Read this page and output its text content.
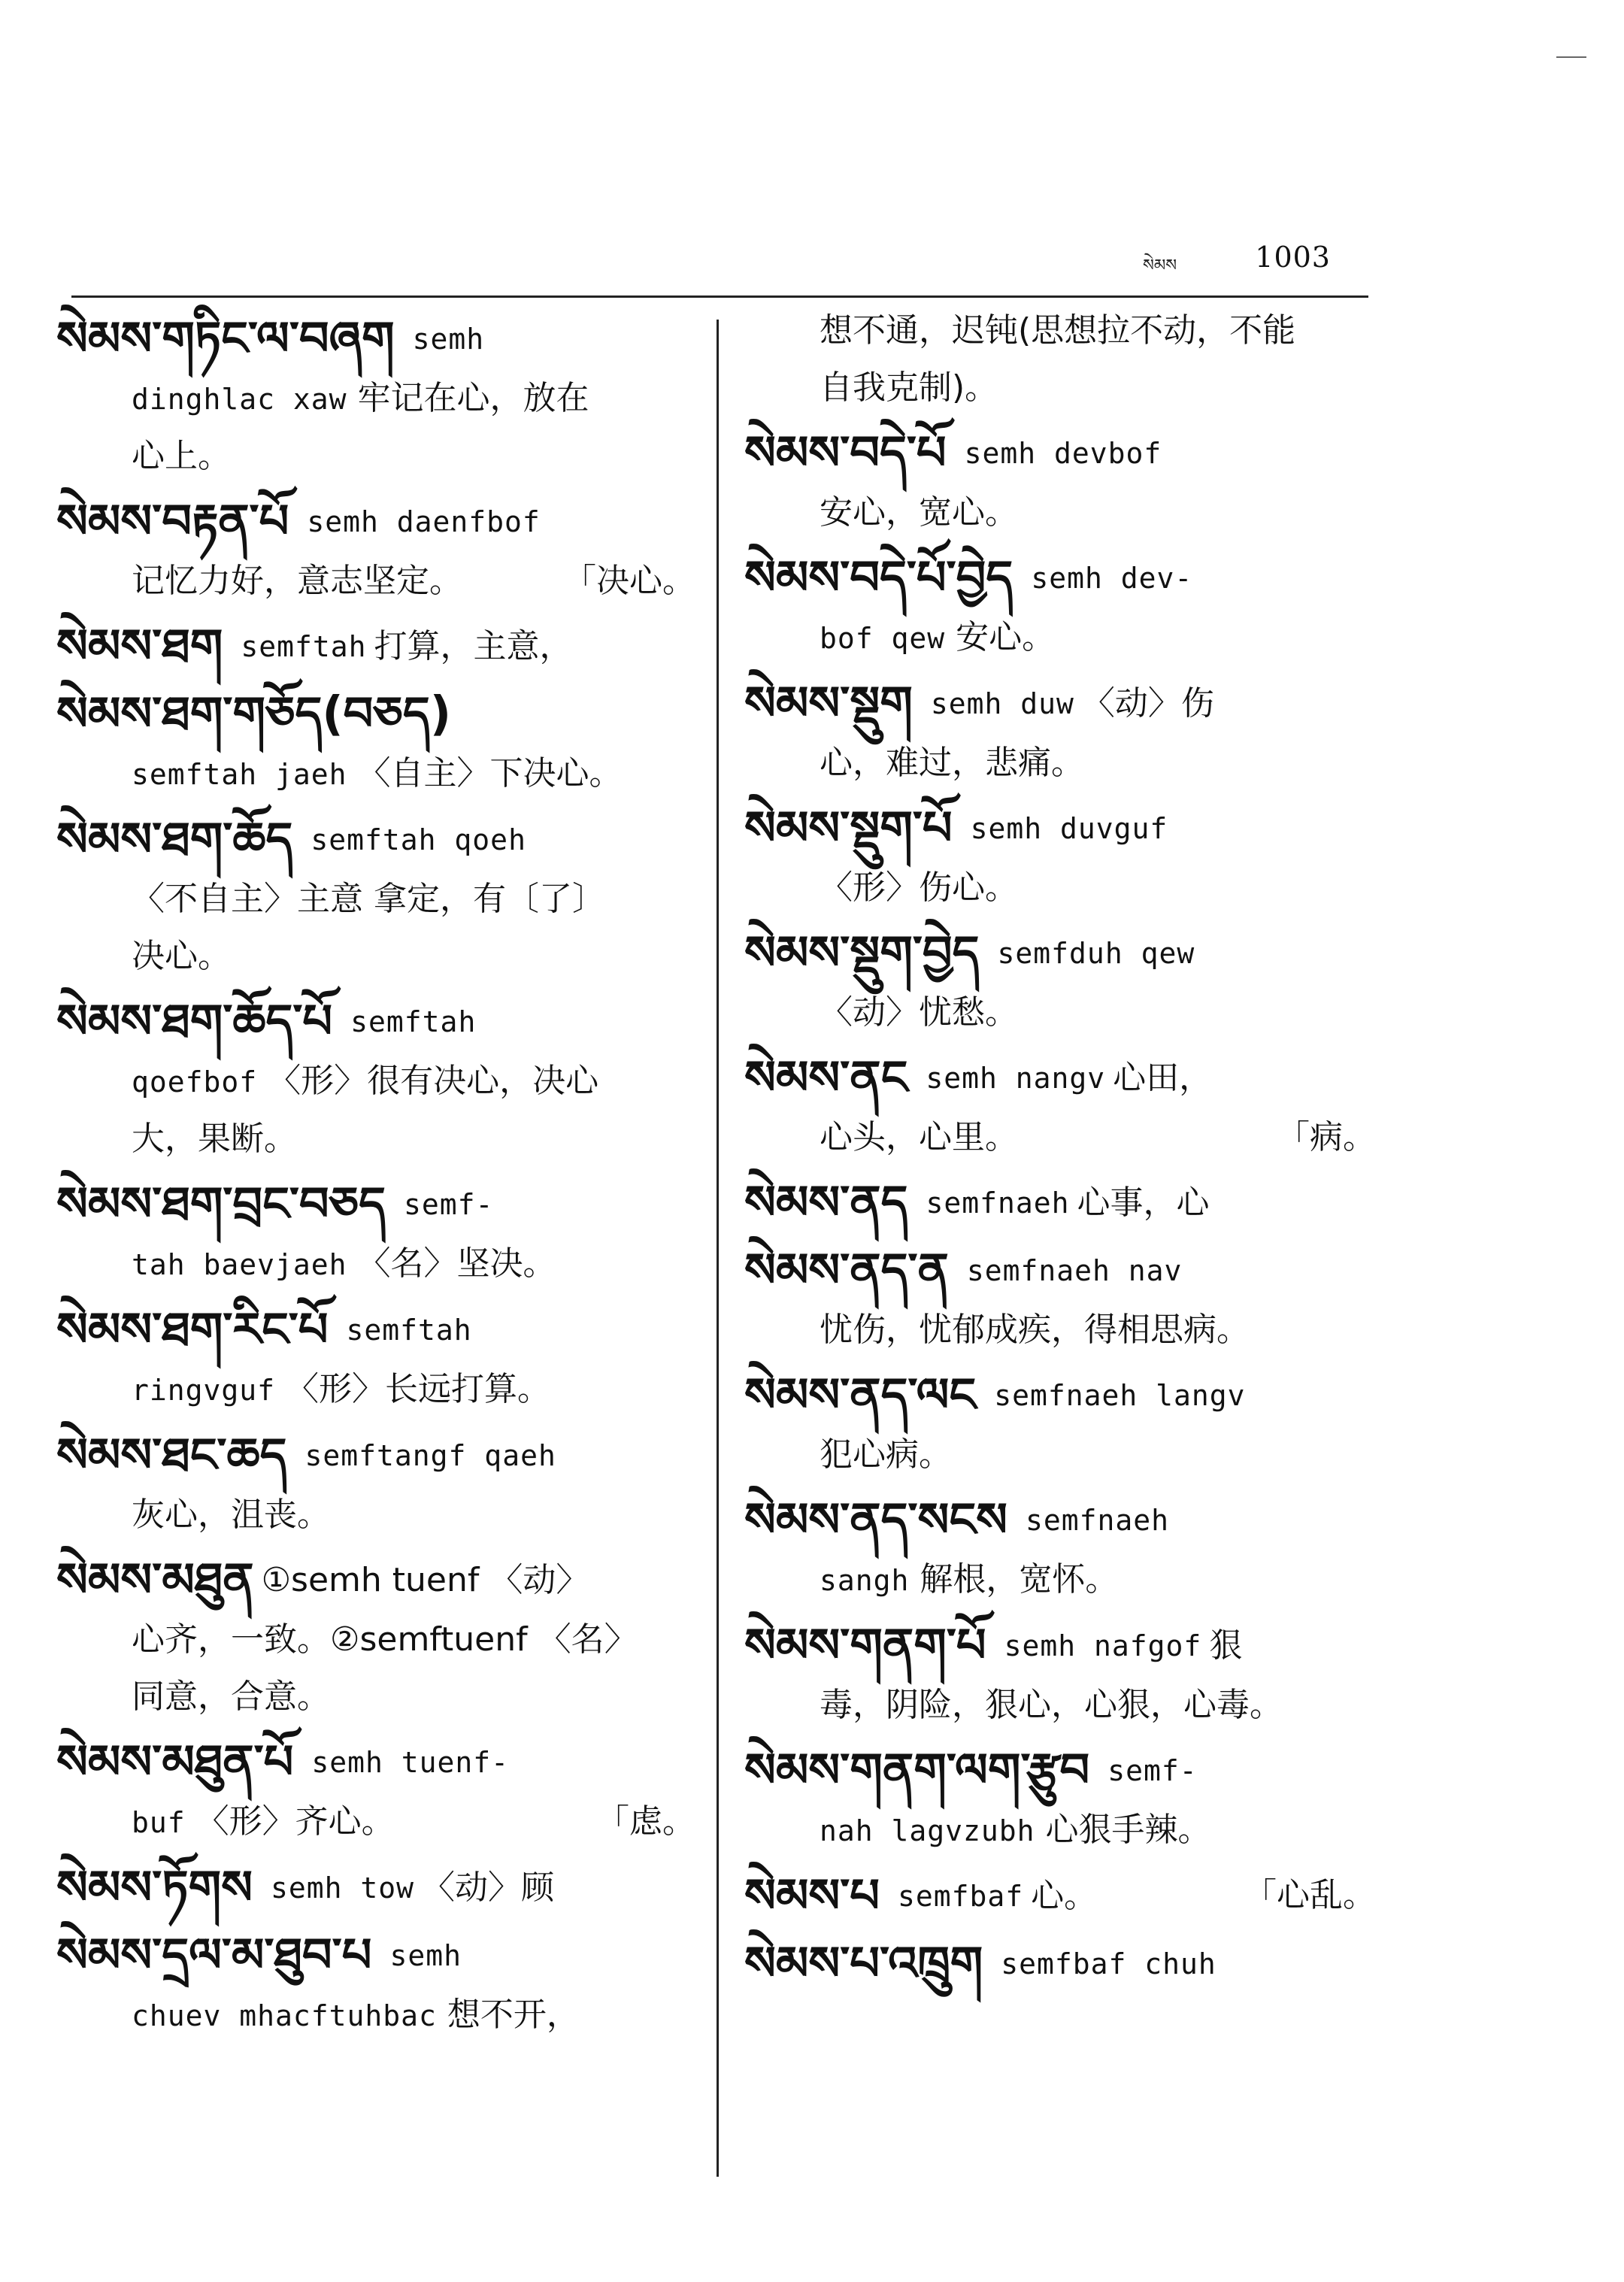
སེམས	1003
སེམས་གཏིང་ལ་བཞག semh
dinghlac xaw 牢记在心，放在
心上。
སེམས་བརྟན་པོ semh daenfbof
记忆力好，意志坚定。	「决心。
སེམས་ཐག semftah 打算，主意，
སེམས་ཐག་གཅོད(བཅད)
semftah jaeh 〈自主〉下决心。
སེམས་ཐག་ཆོད semftah qoeh
〈不自主〉主意 拿定，有〔了〕
决心。
སེམས་ཐག་ཆོད་པོ semftah
qoefbof 〈形〉很有决心，决心
大，果断。
སེམས་ཐག་བྲང་བཅད semf-
tah baevjaeh 〈名〉坚决。
སེམས་ཐག་རིང་པོ semftah
ringvguf 〈形〉长远打算。
སེམས་ཐང་ཆད semftangf qaeh
灰心，沮丧。
སེམས་མཐུན ①semh tuenf 〈动〉
心齐，一致。②semftuenf 〈名〉
同意，合意。
སེམས་མཐུན་པོ semh tuenf-
buf 〈形〉齐心。	「虑。
སེམས་ཏོགས semh tow 〈动〉顾
སེམས་དྲལ་མ་ཐུབ་པ semh
chuev mhacftuhbac 想不开，
想不通，迟钝(思想拉不动，不能
自我克制)。
སེམས་བདེ་པོ semh devbof
安心，宽心。
སེམས་བདེ་པོ་བྱེད semh dev-
bof qew 安心。
སེམས་སྡུག semh duw 〈动〉伤
心，难过，悲痛。
སེམས་སྡུག་པོ semh duvguf
〈形〉伤心。
སེམས་སྡུག་བྱེད semfduh qew
〈动〉忧愁。
སེམས་ནང semh nangv 心田，
心头，心里。	「病。
སེམས་ནད semfnaeh 心事，心
སེམས་ནད་ན semfnaeh nav
忧伤，忧郁成疾，得相思病。
སེམས་ནད་ལང semfnaeh langv
犯心病。
སེམས་ནད་སངས semfnaeh
sangh 解根，宽怀。
སེམས་གནག་པོ semh nafgof 狠
毒，阴险，狠心，心狠，心毒。
སེམས་གནག་ལག་རྩུབ semf-
nah lagvzubh 心狠手辣。
སེམས་པ semfbaf 心。	「心乱。
སེམས་པ་འཁྲུག semfbaf chuh
